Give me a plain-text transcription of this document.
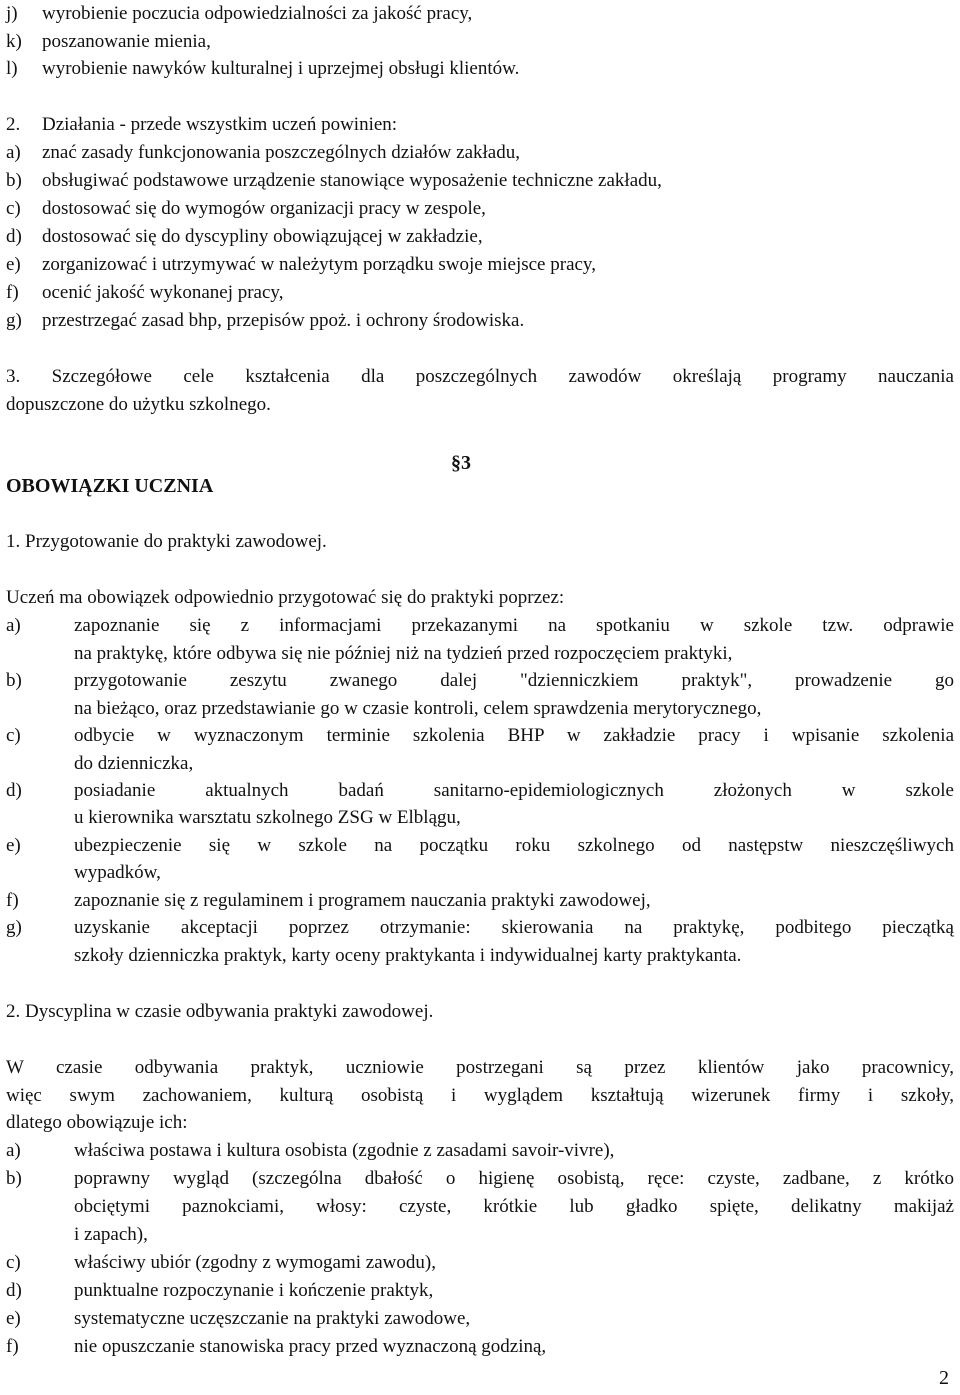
j) wyrobienie poczucia odpowiedzialności za jakość pracy,
k) poszanowanie mienia,
l) wyrobienie nawyków kulturalnej i uprzejmej obsługi klientów.
2. Działania - przede wszystkim uczeń powinien:
a) znać zasady funkcjonowania poszczególnych działów zakładu,
b) obsługiwać podstawowe urządzenie stanowiące wyposażenie techniczne zakładu,
c) dostosować się do wymogów organizacji pracy w zespole,
d) dostosować się do dyscypliny obowiązującej w zakładzie,
e) zorganizować i utrzymywać w należytym porządku swoje miejsce pracy,
f) ocenić jakość wykonanej pracy,
g) przestrzegać zasad bhp, przepisów ppoż. i ochrony środowiska.
3. Szczegółowe cele kształcenia dla poszczególnych zawodów określają programy nauczania
dopuszczone do użytku szkolnego.
§3
OBOWIĄZKI UCZNIA
1. Przygotowanie do praktyki zawodowej.
Uczeń ma obowiązek odpowiednio przygotować się do praktyki poprzez:
a)	zapoznanie się z informacjami przekazanymi na spotkaniu w szkole tzw. odprawie
na praktykę, które odbywa się nie później niż na tydzień przed rozpoczęciem praktyki,
b)	przygotowanie zeszytu zwanego dalej "dzienniczkiem praktyk", prowadzenie go
na bieżąco, oraz przedstawianie go w czasie kontroli, celem sprawdzenia merytorycznego,
c)	odbycie w wyznaczonym terminie szkolenia BHP w zakładzie pracy i wpisanie szkolenia
do dzienniczka,
d)	posiadanie aktualnych badań sanitarno-epidemiologicznych złożonych w szkole
u kierownika warsztatu szkolnego ZSG w Elblągu,
e)	ubezpieczenie się w szkole na początku roku szkolnego od następstw nieszczęśliwych
wypadków,
f)	zapoznanie się z regulaminem i programem nauczania praktyki zawodowej,
g)	uzyskanie akceptacji poprzez otrzymanie: skierowania na praktykę, podbitego pieczątką
szkoły dzienniczka praktyk, karty oceny praktykanta i indywidualnej karty praktykanta.
2. Dyscyplina w czasie odbywania praktyki zawodowej.
W czasie odbywania praktyk, uczniowie postrzegani są przez klientów jako pracownicy,
więc swym zachowaniem, kulturą osobistą i wyglądem kształtują wizerunek firmy i szkoły,
dlatego obowiązuje ich:
a)	właściwa postawa i kultura osobista (zgodnie z zasadami savoir-vivre),
b)	poprawny wygląd (szczególna dbałość o higienę osobistą, ręce: czyste, zadbane, z krótko
obciętymi paznokciami, włosy: czyste, krótkie lub gładko spięte, delikatny makijaż
i zapach),
c)	właściwy ubiór (zgodny z wymogami zawodu),
d)	punktualne rozpoczynanie i kończenie praktyk,
e)	systematyczne uczęszczanie na praktyki zawodowe,
f)	nie opuszczanie stanowiska pracy przed wyznaczoną godziną,
2
